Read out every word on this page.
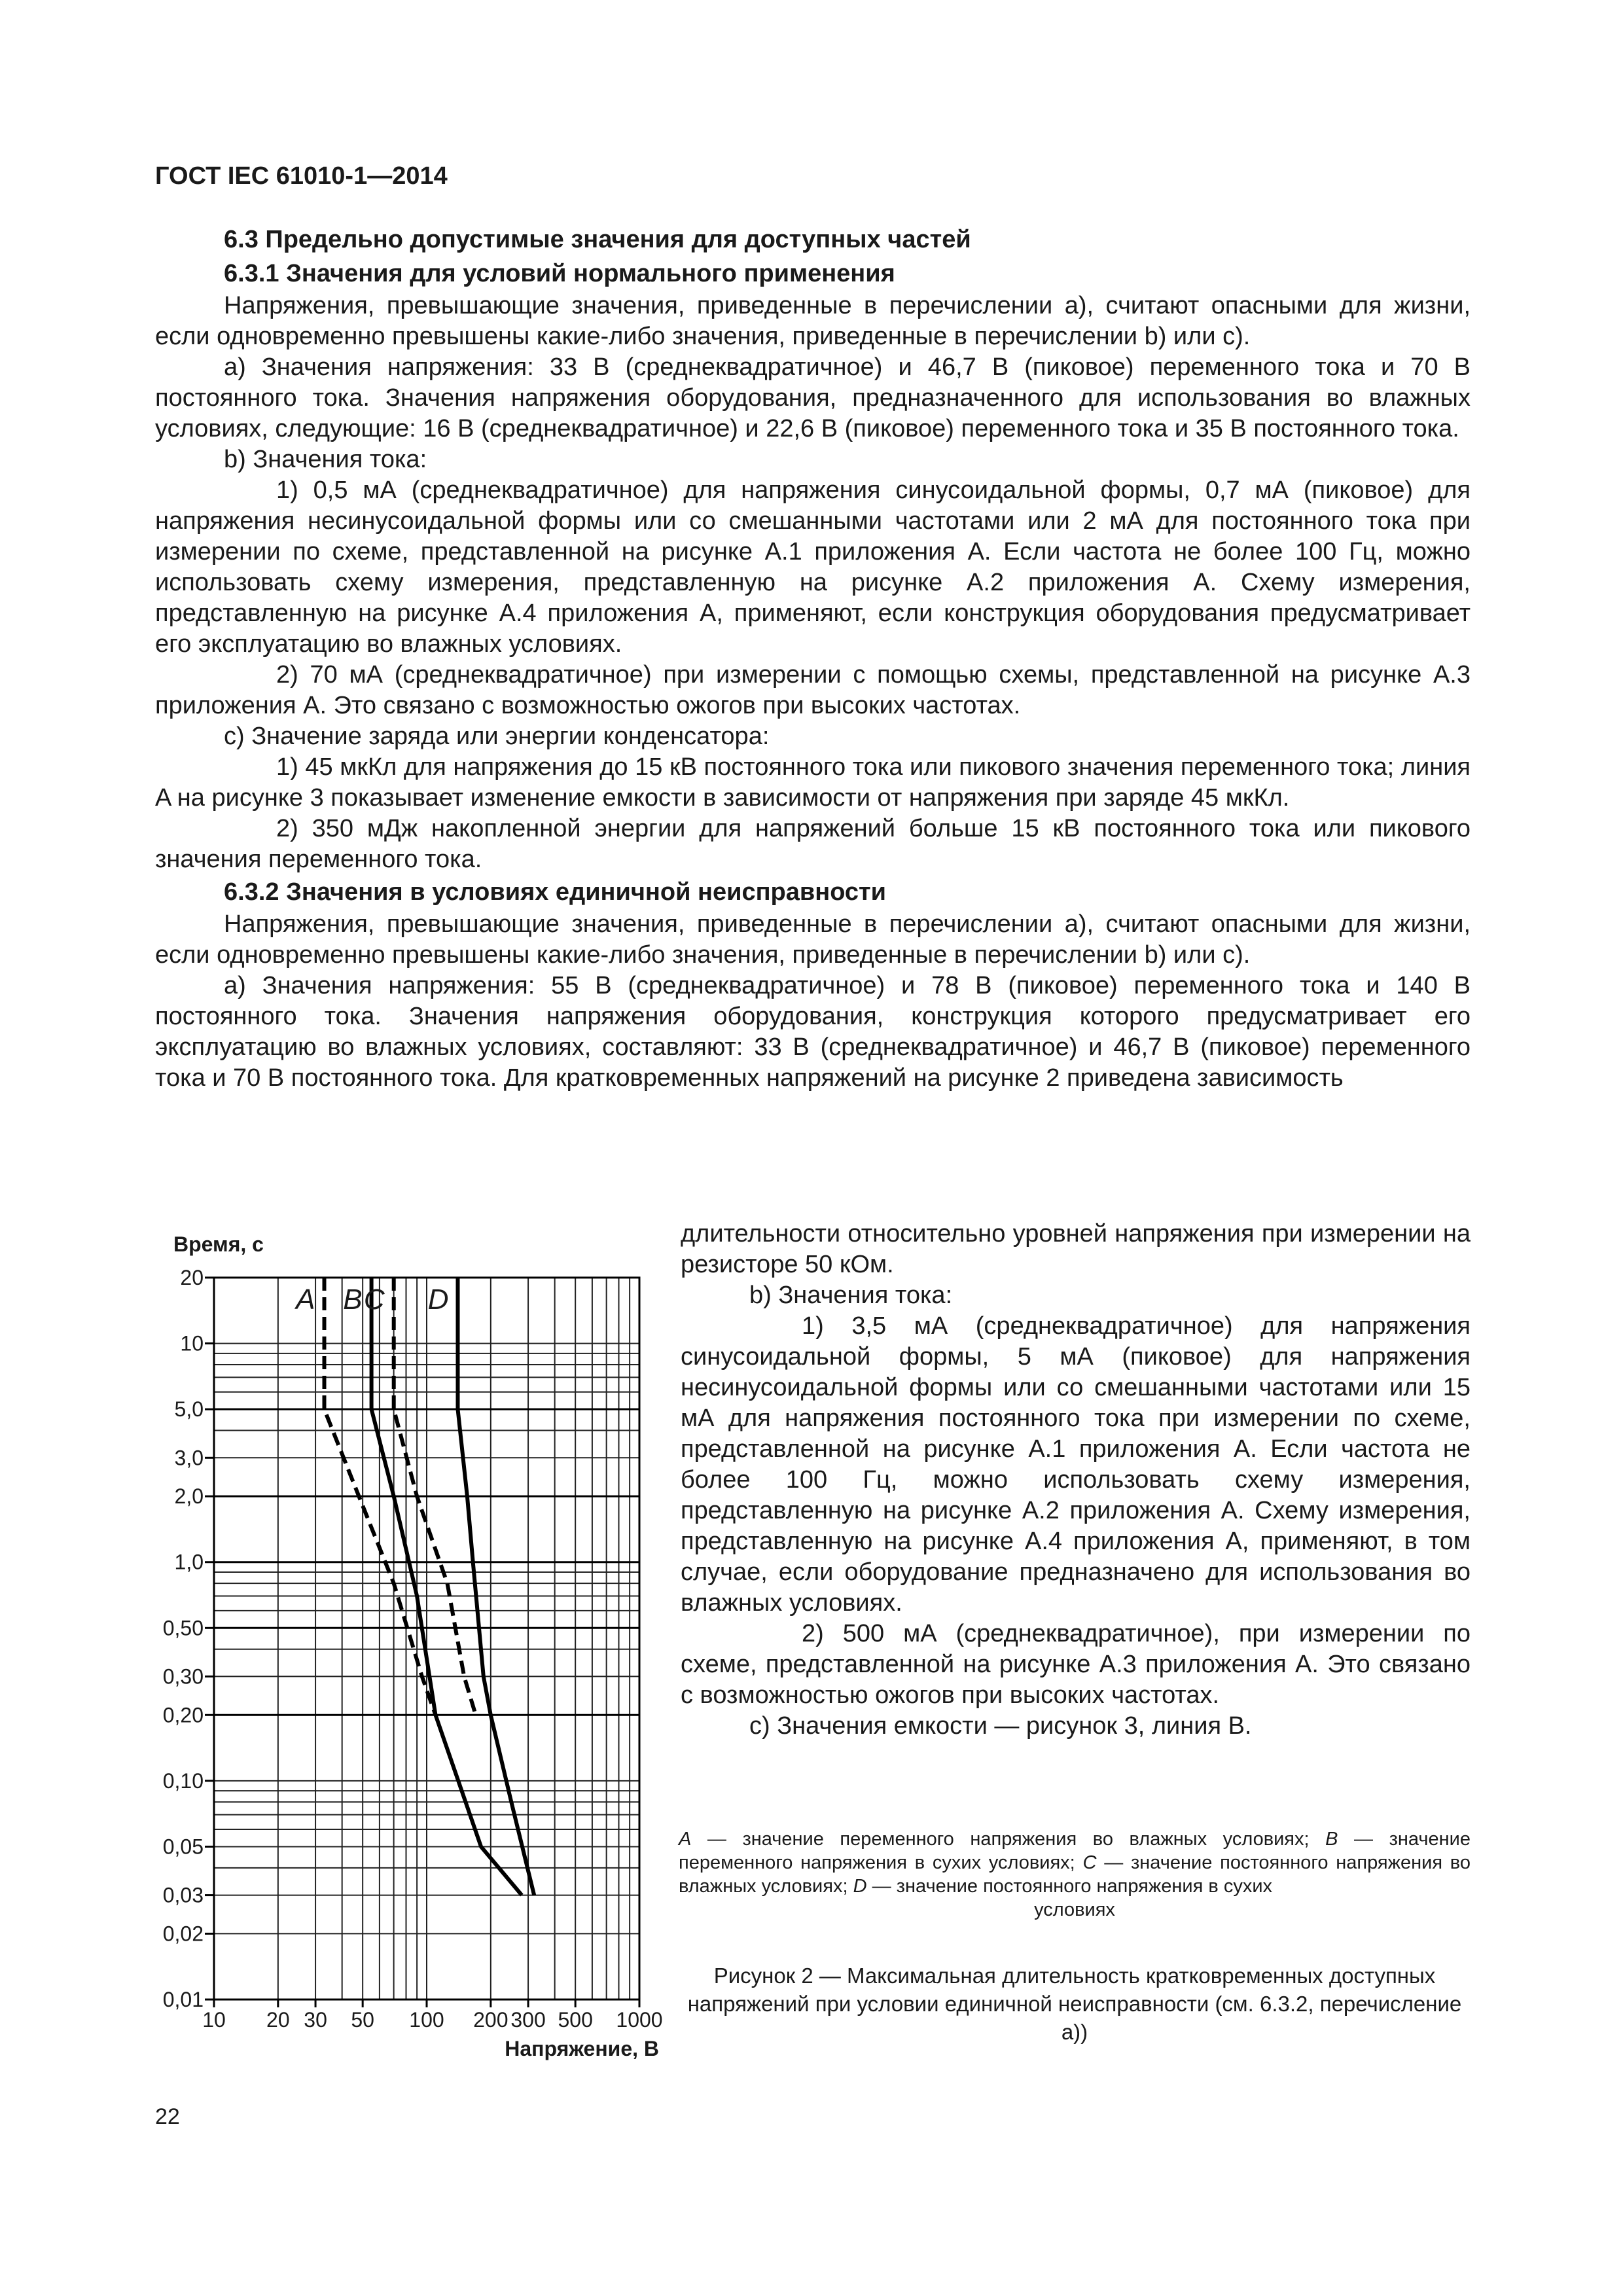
ГОСТ IEC 61010-1—2014
6.3 Предельно допустимые значения для доступных частей
6.3.1 Значения для условий нормального применения

Напряжения, превышающие значения, приведенные в перечислении a), считают опасными для жизни, если одновременно превышены какие-либо значения, приведенные в перечислении b) или c).

a) Значения напряжения: 33 В (среднеквадратичное) и 46,7 В (пиковое) переменного тока и 70 В постоянного тока. Значения напряжения оборудования, предназначенного для использования во влажных условиях, следующие: 16 В (среднеквадратичное) и 22,6 В (пиковое) переменного тока и 35 В постоянного тока.

b) Значения тока:

1) 0,5 мА (среднеквадратичное) для напряжения синусоидальной формы, 0,7 мА (пиковое) для напряжения несинусоидальной формы или со смешанными частотами или 2 мА для постоянного тока при измерении по схеме, представленной на рисунке A.1 приложения A. Если частота не более 100 Гц, можно использовать схему измерения, представленную на рисунке A.2 приложения A. Схему измерения, представленную на рисунке A.4 приложения A, применяют, если конструкция оборудования предусматривает его эксплуатацию во влажных условиях.

2) 70 мА (среднеквадратичное) при измерении с помощью схемы, представленной на рисунке A.3 приложения A. Это связано с возможностью ожогов при высоких частотах.

c) Значение заряда или энергии конденсатора:

1) 45 мкКл для напряжения до 15 кВ постоянного тока или пикового значения переменного тока; линия A на рисунке 3 показывает изменение емкости в зависимости от напряжения при заряде 45 мкКл.

2) 350 мДж накопленной энергии для напряжений больше 15 кВ постоянного тока или пикового значения переменного тока.

6.3.2 Значения в условиях единичной неисправности

Напряжения, превышающие значения, приведенные в перечислении a), считают опасными для жизни, если одновременно превышены какие-либо значения, приведенные в перечислении b) или c).

a) Значения напряжения: 55 В (среднеквадратичное) и 78 В (пиковое) переменного тока и 140 В постоянного тока. Значения напряжения оборудования, конструкция которого предусматривает его эксплуатацию во влажных условиях, составляют: 33 В (среднеквадратичное) и 46,7 В (пиковое) переменного тока и 70 В постоянного тока. Для кратковременных напряжений на рисунке 2 приведена зависимость

длительности относительно уровней напряжения при измерении на резисторе 50 кОм.

b) Значения тока:

1) 3,5 мА (среднеквадратичное) для напряжения синусоидальной формы, 5 мА (пиковое) для напряжения несинусоидальной формы или со смешанными частотами или 15 мА для напряжения постоянного тока при измерении по схеме, представленной на рисунке A.1 приложения A. Если частота не более 100 Гц, можно использовать схему измерения, представленную на рисунке A.2 приложения A. Схему измерения, представленную на рисунке A.4 приложения A, применяют, в том случае, если оборудование предназначено для использования во влажных условиях.

2) 500 мА (среднеквадратичное), при измерении по схеме, представленной на рисунке A.3 приложения A. Это связано с возможностью ожогов при высоких частотах.

c) Значения емкости — рисунок 3, линия B.

0,01
0,02
0,03
0,05
0,10
0,20
0,30
0,50
1,0
2,0
3,0
5,0
10
20
10 20 30 50 100 200 300 500 1000
Время, с
Напряжение, В
A B C D
A — значение переменного напряжения во влажных условиях; B — значение переменного напряжения в сухих условиях; C — значение постоянного напряжения во влажных условиях; D — значение постоянного напряжения в сухих
условиях
Рисунок 2 — Максимальная длительность кратковременных доступных напряжений при условии единичной неисправности (см. 6.3.2, перечисление a))
22
